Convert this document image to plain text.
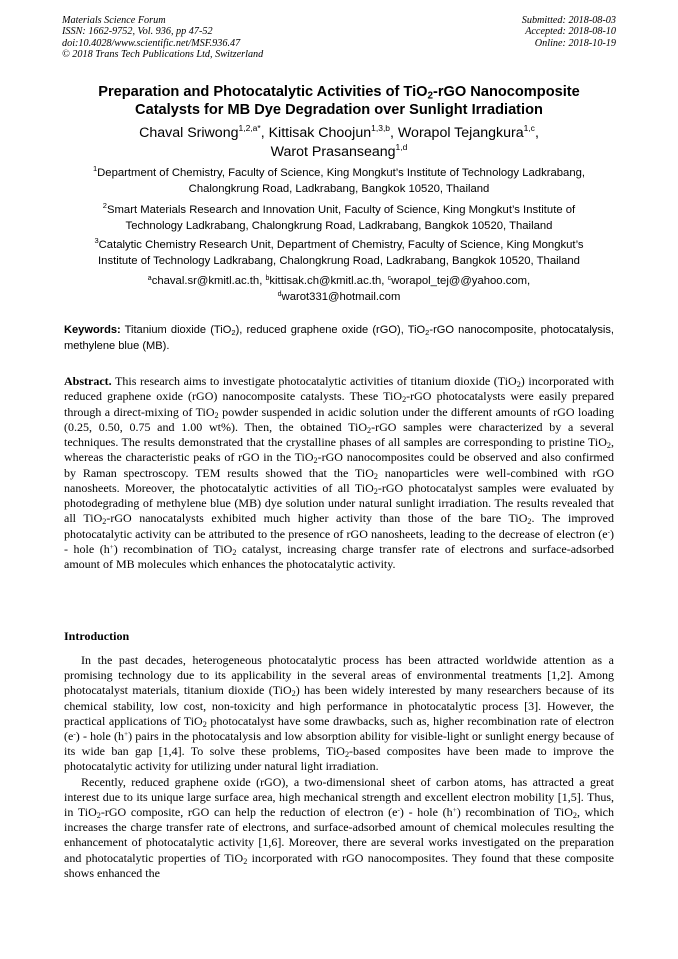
Materials Science Forum
ISSN: 1662-9752, Vol. 936, pp 47-52
doi:10.4028/www.scientific.net/MSF.936.47
© 2018 Trans Tech Publications Ltd, Switzerland
Submitted: 2018-08-03
Accepted: 2018-08-10
Online: 2018-10-19
Preparation and Photocatalytic Activities of TiO$_2$-rGO Nanocomposite
Catalysts for MB Dye Degradation over Sunlight Irradiation
Chaval Sriwong$^{1,2,a*}$, Kittisak Choojun$^{1,3,b}$, Worapol Tejangkura$^{1,c}$,
Warot Prasanseang$^{1,d}$
$^1$Department of Chemistry, Faculty of Science, King Mongkut’s Institute of Technology Ladkrabang,
Chalongkrung Road, Ladkrabang, Bangkok 10520, Thailand
$^2$Smart Materials Research and Innovation Unit, Faculty of Science, King Mongkut’s Institute of
Technology Ladkrabang, Chalongkrung Road, Ladkrabang, Bangkok 10520, Thailand
$^3$Catalytic Chemistry Research Unit, Department of Chemistry, Faculty of Science, King Mongkut’s
Institute of Technology Ladkrabang, Chalongkrung Road, Ladkrabang, Bangkok 10520, Thailand
$^a$chaval.sr@kmitl.ac.th, $^b$kittisak.ch@kmitl.ac.th, $^c$worapol_tej@@yahoo.com,
$^d$warot331@hotmail.com
Keywords: Titanium dioxide (TiO$_2$), reduced graphene oxide (rGO), TiO$_2$-rGO nanocomposite, photocatalysis, methylene blue (MB).
Abstract. This research aims to investigate photocatalytic activities of titanium dioxide (TiO$_2$) incorporated with reduced graphene oxide (rGO) nanocomposite catalysts. These TiO$_2$-rGO photocatalysts were easily prepared through a direct-mixing of TiO$_2$ powder suspended in acidic solution under the different amounts of rGO loading (0.25, 0.50, 0.75 and 1.00 wt%). Then, the obtained TiO$_2$-rGO samples were characterized by a several techniques. The results demonstrated that the crystalline phases of all samples are corresponding to pristine TiO$_2$, whereas the characteristic peaks of rGO in the TiO$_2$-rGO nanocomposites could be observed and also confirmed by Raman spectroscopy. TEM results showed that the TiO$_2$ nanoparticles were well-combined with rGO nanosheets. Moreover, the photocatalytic activities of all TiO$_2$-rGO photocatalyst samples were evaluated by photodegrading of methylene blue (MB) dye solution under natural sunlight irradiation. The results revealed that all TiO$_2$-rGO nanocatalysts exhibited much higher activity than those of the bare TiO$_2$. The improved photocatalytic activity can be attributed to the presence of rGO nanosheets, leading to the decrease of electron (e-) - hole (h+) recombination of TiO$_2$ catalyst, increasing charge transfer rate of electrons and surface-adsorbed amount of MB molecules which enhances the photocatalytic activity.
Introduction

In the past decades, heterogeneous photocatalytic process has been attracted worldwide attention as a promising technology due to its applicability in the several areas of environmental treatments [1,2]. Among photocatalyst materials, titanium dioxide (TiO$_2$) has been widely interested by many researchers because of its chemical stability, low cost, non-toxicity and high performance in photocatalytic process [3]. However, the practical applications of TiO$_2$ photocatalyst have some drawbacks, such as, higher recombination rate of electron (e-) - hole (h+) pairs in the photocatalysis and low absorption ability for visible-light or sunlight energy because of its wide ban gap [1,4]. To solve these problems, TiO$_2$-based composites have been made to improve the photocatalytic activity for utilizing under natural light irradiation.

Recently, reduced graphene oxide (rGO), a two-dimensional sheet of carbon atoms, has attracted a great interest due to its unique large surface area, high mechanical strength and excellent electron mobility [1,5]. Thus, in TiO$_2$-rGO composite, rGO can help the reduction of electron (e-) - hole (h+) recombination of TiO$_2$, which increases the charge transfer rate of electrons, and surface-adsorbed amount of chemical molecules resulting the enhancement of photocatalytic activity [1,6]. Moreover, there are several works investigated on the preparation and photocatalytic properties of TiO$_2$ incorporated with rGO nanocomposites. They found that these composite shows enhanced the
